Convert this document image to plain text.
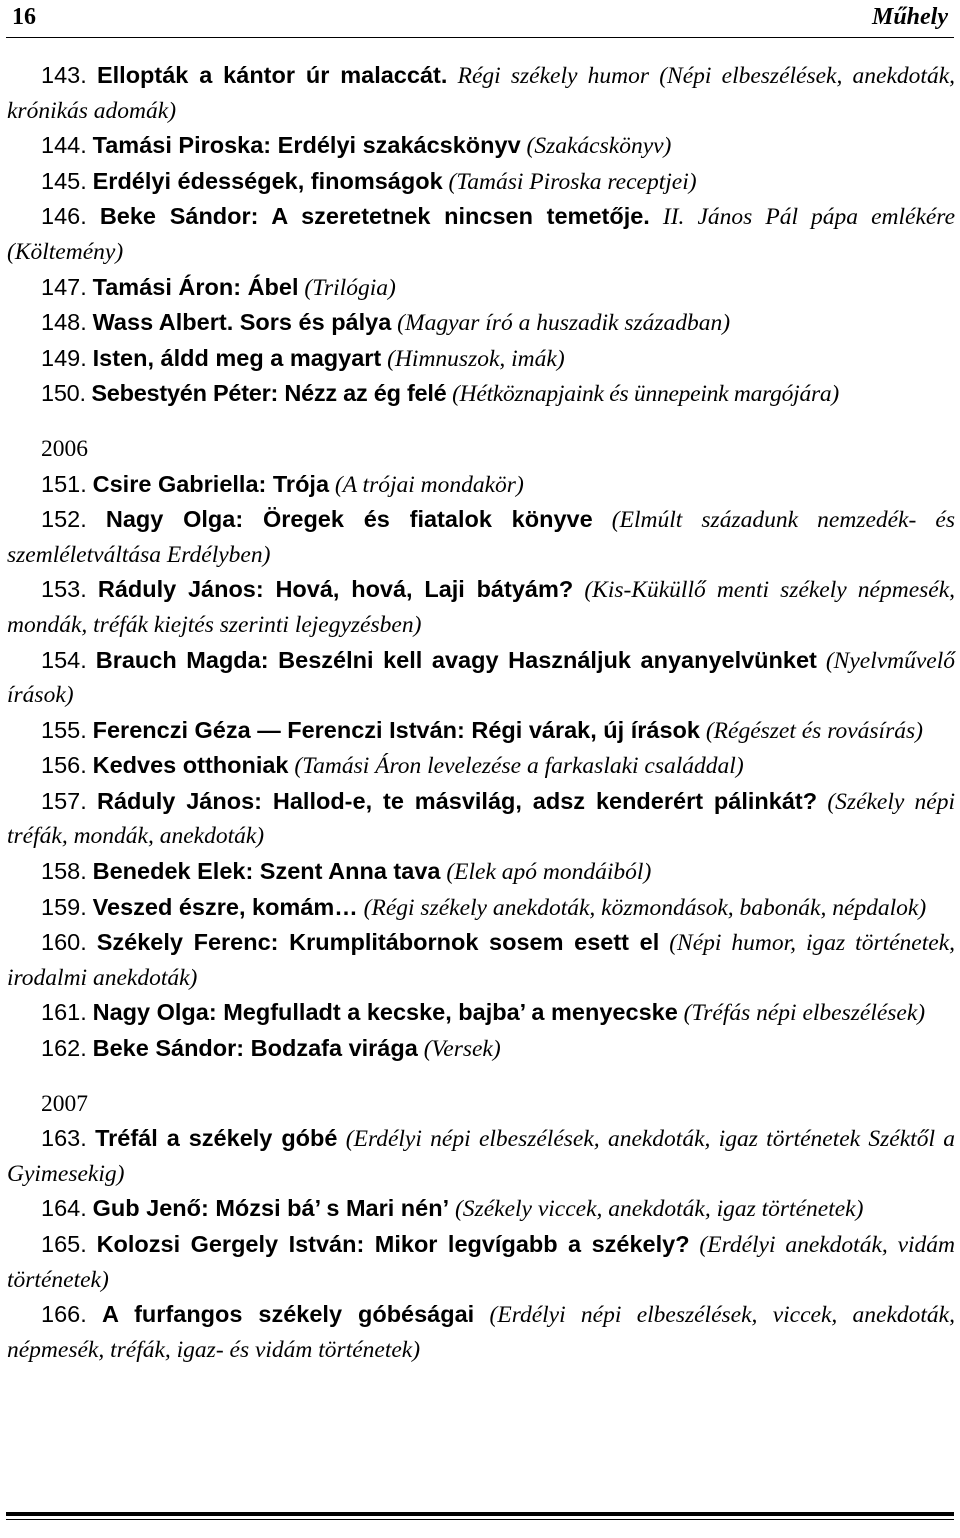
16	Műhely

143. Ellopták a kántor úr malaccát. Régi székely humor (Népi elbeszélések, anekdoták, krónikás adomák)

144. Tamási Piroska: Erdélyi szakácskönyv (Szakácskönyv)

145. Erdélyi édességek, finomságok (Tamási Piroska receptjei)

146. Beke Sándor: A szeretetnek nincsen temetője. II. János Pál pápa emlékére (Költemény)

147. Tamási Áron: Ábel (Trilógia)

148. Wass Albert. Sors és pálya (Magyar író a huszadik században)

149. Isten, áldd meg a magyart (Himnuszok, imák)

150. Sebestyén Péter: Nézz az ég felé (Hétköznapjaink és ünnepeink margójára)

2006

151. Csire Gabriella: Trója (A trójai mondakör)

152. Nagy Olga: Öregek és fiatalok könyve (Elmúlt századunk nemzedék- és szemléletváltása Erdélyben)

153. Ráduly János: Hová, hová, Laji bátyám? (Kis-Küküllő menti székely népmesék, mondák, tréfák kiejtés szerinti lejegyzésben)

154. Brauch Magda: Beszélni kell avagy Használjuk anyanyelvünket (Nyelvművelő írások)

155. Ferenczi Géza — Ferenczi István: Régi várak, új írások (Régészet és rovásírás)

156. Kedves otthoniak (Tamási Áron levelezése a farkaslaki családdal)

157. Ráduly János: Hallod-e, te másvilág, adsz kenderért pálinkát? (Székely népi tréfák, mondák, anekdoták)

158. Benedek Elek: Szent Anna tava (Elek apó mondáiból)

159. Veszed észre, komám… (Régi székely anekdoták, közmondások, babonák, népdalok)

160. Székely Ferenc: Krumplitábornok sosem esett el (Népi humor, igaz történetek, irodalmi anekdoták)

161. Nagy Olga: Megfulladt a kecske, bajba’ a menyecske (Tréfás népi elbeszélések)

162. Beke Sándor: Bodzafa virága (Versek)

2007

163. Tréfál a székely góbé (Erdélyi népi elbeszélések, anekdoták, igaz történetek Széktől a Gyimesekig)

164. Gub Jenő: Mózsi bá’ s Mari nén’ (Székely viccek, anekdoták, igaz történetek)

165. Kolozsi Gergely István: Mikor legvígabb a székely? (Erdélyi anekdoták, vidám történetek)

166. A furfangos székely góbéságai (Erdélyi népi elbeszélések, viccek, anekdoták, népmesék, tréfák, igaz- és vidám történetek)
